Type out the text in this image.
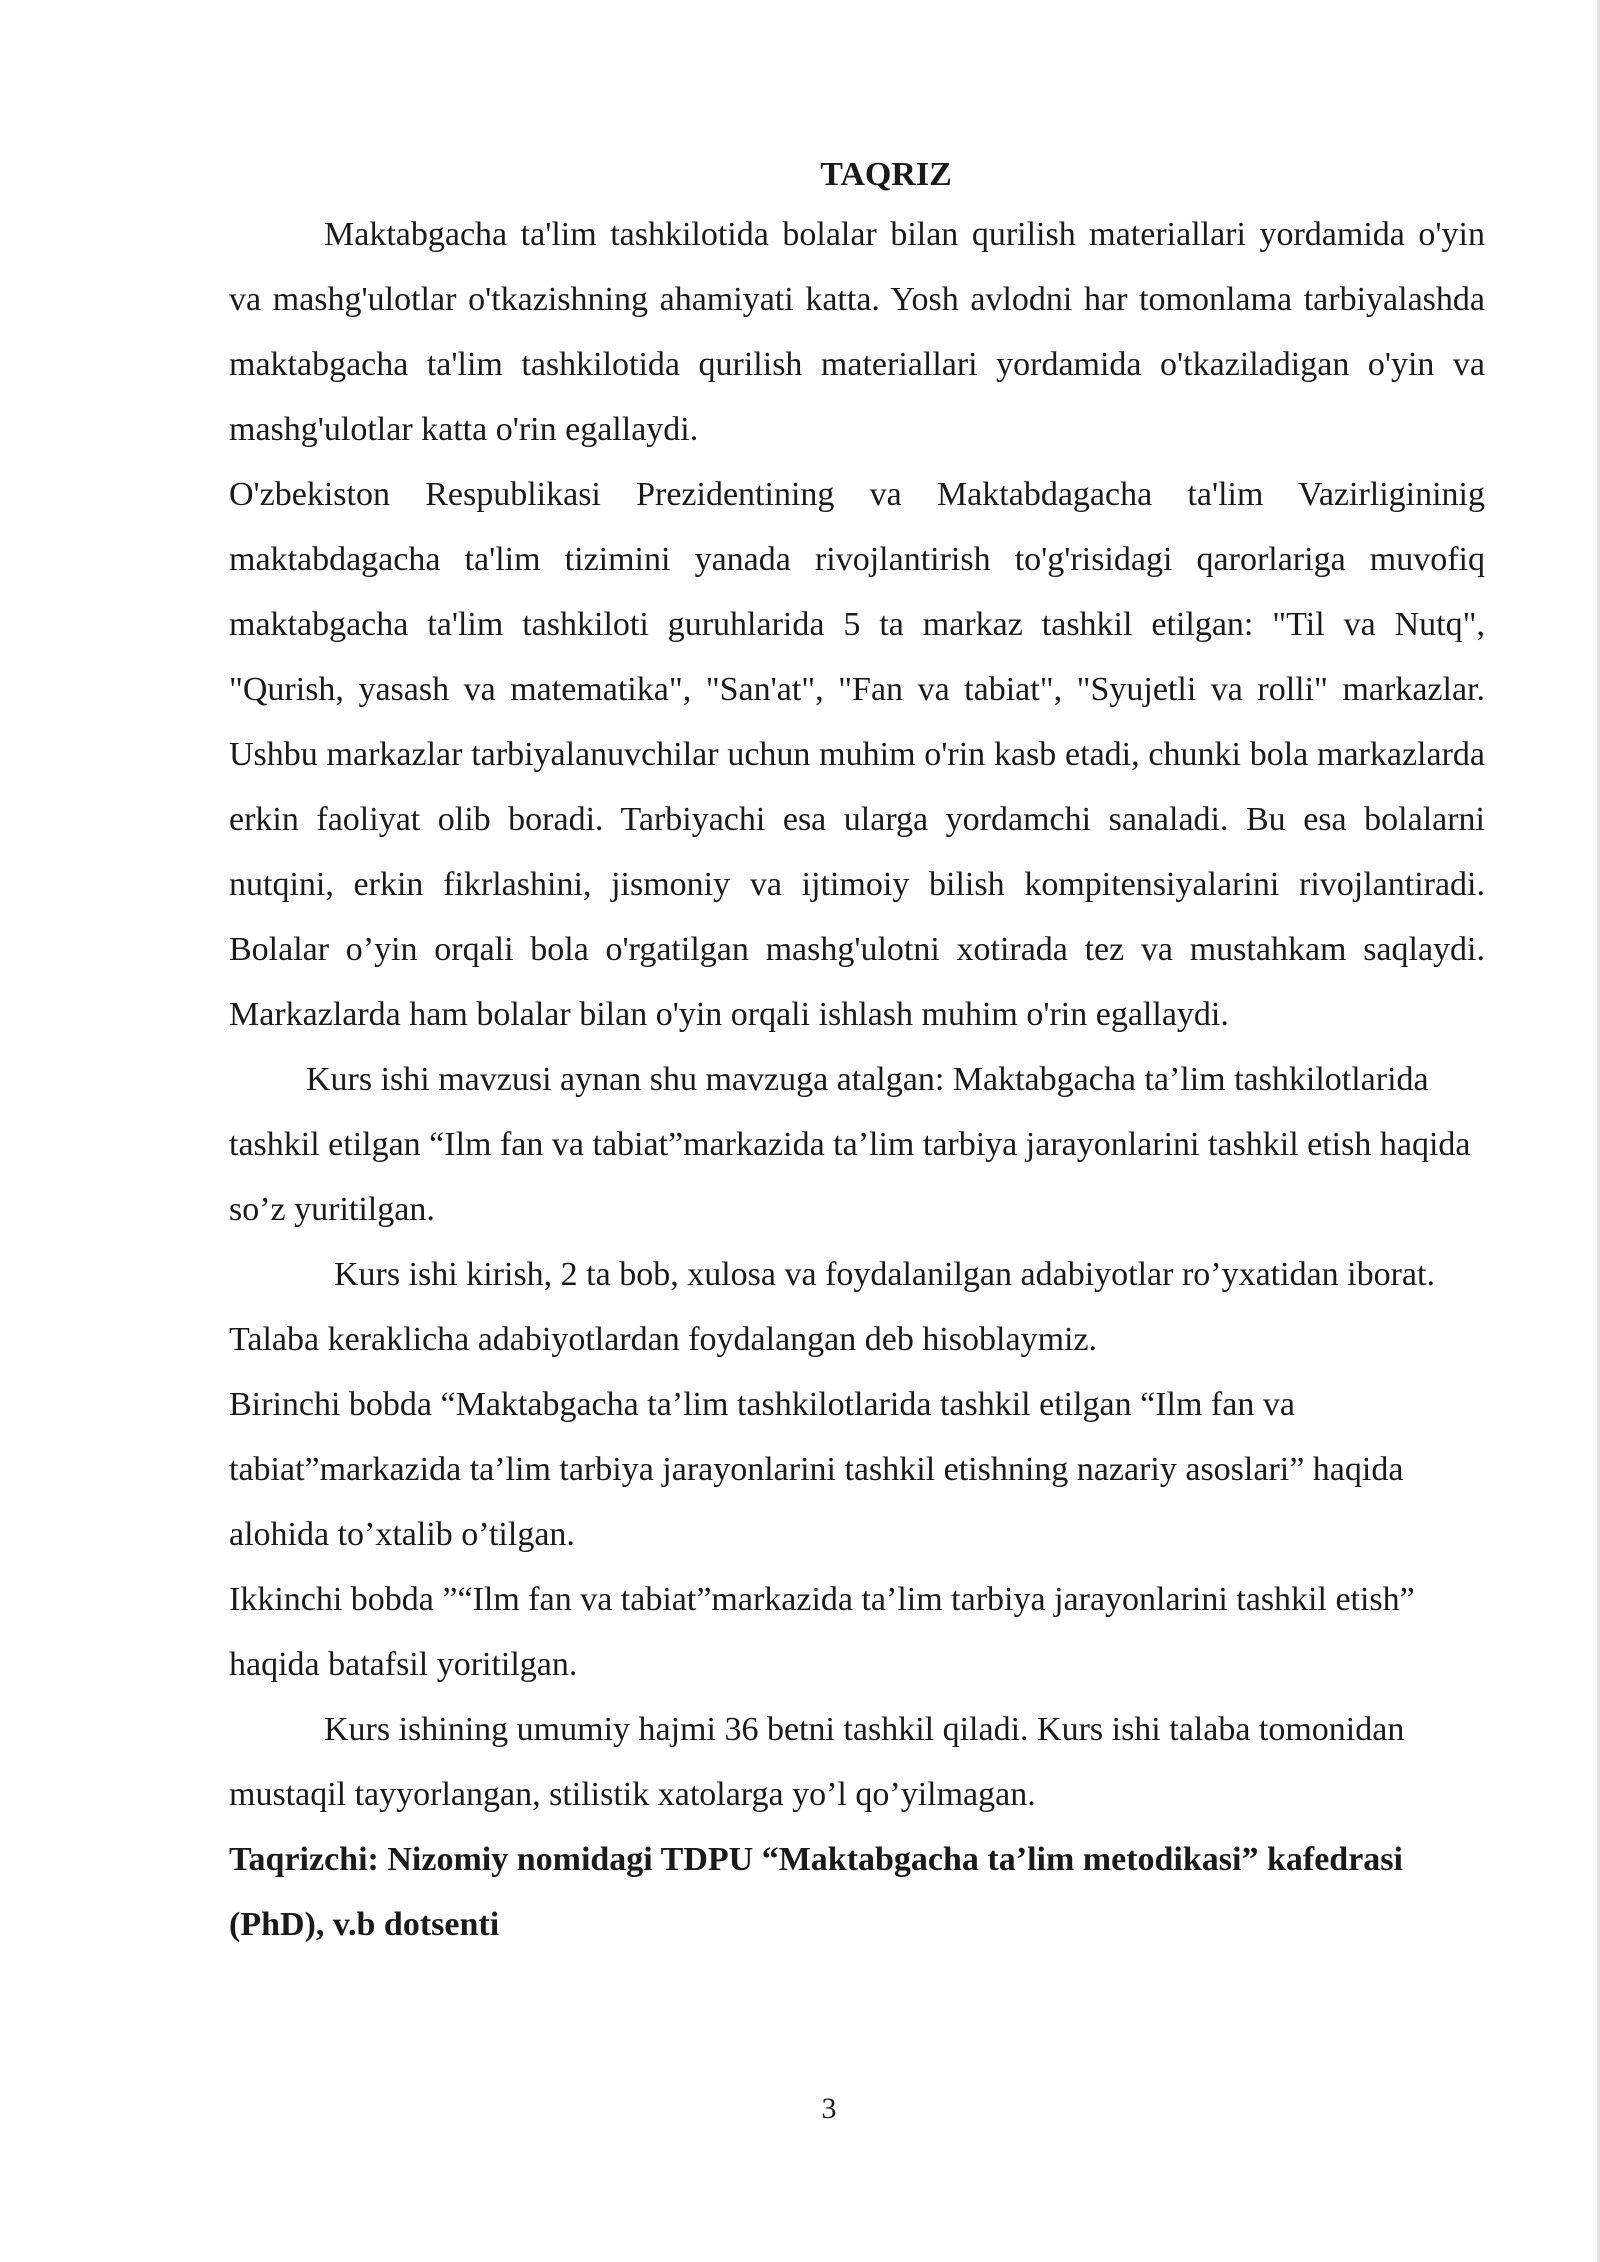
TAQRIZ

Maktabgacha ta'lim tashkilotida bolalar bilan qurilish materiallari yordamida o'yin va mashg'ulotlar o'tkazishning ahamiyati katta. Yosh avlodni har tomonlama tarbiyalashda maktabgacha ta'lim tashkilotida qurilish materiallari yordamida o'tkaziladigan o'yin va mashg'ulotlar katta o'rin egallaydi.

O'zbekiston Respublikasi Prezidentining va Maktabdagacha ta'lim Vazirligininig maktabdagacha ta'lim tizimini yanada rivojlantirish to'g'risidagi qarorlariga muvofiq maktabgacha ta'lim tashkiloti guruhlarida 5 ta markaz tashkil etilgan: "Til va Nutq", "Qurish, yasash va matematika", "San'at", "Fan va tabiat", "Syujetli va rolli" markazlar. Ushbu markazlar tarbiyalanuvchilar uchun muhim o'rin kasb etadi, chunki bola markazlarda erkin faoliyat olib boradi. Tarbiyachi esa ularga yordamchi sanaladi. Bu esa bolalarni nutqini, erkin fikrlashini, jismoniy va ijtimoiy bilish kompitensiyalarini rivojlantiradi. Bolalar o’yin orqali bola o'rgatilgan mashg'ulotni xotirada tez va mustahkam saqlaydi. Markazlarda ham bolalar bilan o'yin orqali ishlash muhim o'rin egallaydi.

Kurs ishi mavzusi aynan shu mavzuga atalgan: Maktabgacha ta’lim tashkilotlarida tashkil etilgan “Ilm fan va tabiat”markazida ta’lim tarbiya jarayonlarini tashkil etish haqida so’z yuritilgan.

Kurs ishi kirish, 2 ta bob, xulosa va foydalanilgan adabiyotlar ro’yxatidan iborat. Talaba keraklicha adabiyotlardan foydalangan deb hisoblaymiz.

Birinchi bobda “Maktabgacha ta’lim tashkilotlarida tashkil etilgan “Ilm fan va tabiat”markazida ta’lim tarbiya jarayonlarini tashkil etishning nazariy asoslari” haqida alohida to’xtalib o’tilgan.

Ikkinchi bobda ”“Ilm fan va tabiat”markazida ta’lim tarbiya jarayonlarini tashkil etish” haqida batafsil yoritilgan.

Kurs ishining umumiy hajmi 36 betni tashkil qiladi. Kurs ishi talaba tomonidan mustaqil tayyorlangan, stilistik xatolarga yo’l qo’yilmagan.

Taqrizchi: Nizomiy nomidagi TDPU “Maktabgacha ta’lim metodikasi” kafedrasi (PhD), v.b dotsenti

3
